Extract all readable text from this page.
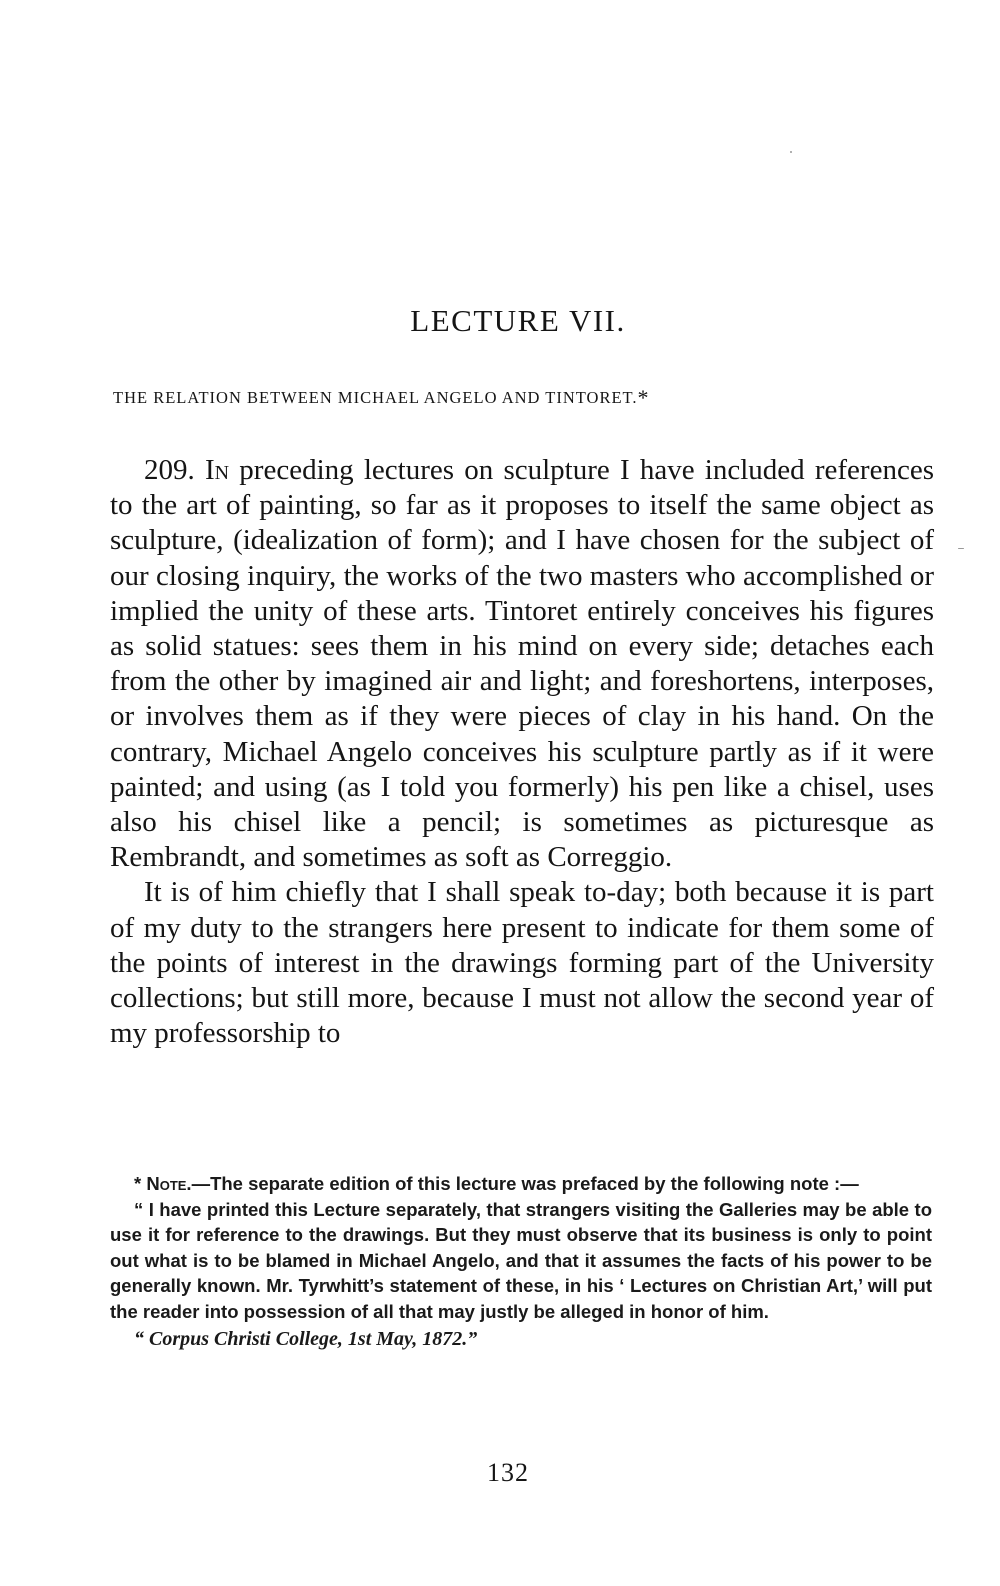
LECTURE VII.
THE RELATION BETWEEN MICHAEL ANGELO AND TINTORET.*

209. In preceding lectures on sculpture I have included references to the art of painting, so far as it proposes to itself the same object as sculpture, (idealization of form); and I have chosen for the subject of our closing inquiry, the works of the two masters who accomplished or implied the unity of these arts. Tintoret entirely conceives his figures as solid statues: sees them in his mind on every side; detaches each from the other by imagined air and light; and foreshortens, interposes, or involves them as if they were pieces of clay in his hand. On the contrary, Michael Angelo conceives his sculpture partly as if it were painted; and using (as I told you formerly) his pen like a chisel, uses also his chisel like a pencil; is sometimes as picturesque as Rembrandt, and sometimes as soft as Correggio.

It is of him chiefly that I shall speak to-day; both because it is part of my duty to the strangers here present to indicate for them some of the points of interest in the drawings forming part of the University collections; but still more, because I must not allow the second year of my professorship to

* Note.—The separate edition of this lecture was prefaced by the following note :—

“ I have printed this Lecture separately, that strangers visiting the Galleries may be able to use it for reference to the drawings. But they must observe that its business is only to point out what is to be blamed in Michael Angelo, and that it assumes the facts of his power to be generally known. Mr. Tyrwhitt’s statement of these, in his ‘ Lectures on Christian Art,’ will put the reader into possession of all that may justly be alleged in honor of him.

“ Corpus Christi College, 1st May, 1872.”

132
